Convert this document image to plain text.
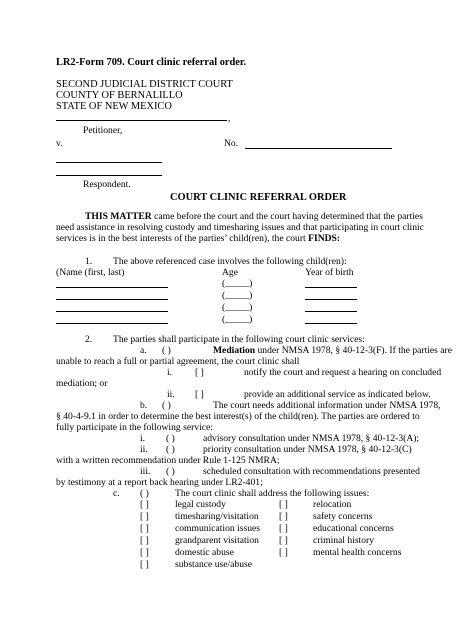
LR2-Form 709. Court clinic referral order.
SECOND JUDICIAL DISTRICT COURT
COUNTY OF BERNALILLO
STATE OF NEW MEXICO
,
Petitioner,
v.	No.
Respondent.
COURT CLINIC REFERRAL ORDER
THIS MATTER came before the court and the court having determined that the parties
need assistance in resolving custody and timesharing issues and that participating in court clinic
services is in the best interests of the parties’ child(ren), the court FINDS:
1. The above referenced case involves the following child(ren):
(Name (first, last)	Age	Year of birth
(_____)
(_____)
(_____)
(_____)
2. The parties shall participate in the following court clinic services:
a. ( )	Mediation under NMSA 1978, § 40-12-3(F). If the parties are
unable to reach a full or partial agreement, the court clinic shall
i. [ ]	notify the court and request a hearing on concluded
mediation; or
ii. [ ]	provide an additional service as indicated below.
b. ( )	The court needs additional information under NMSA 1978,
§ 40-4-9.1 in order to determine the best interest(s) of the child(ren). The parties are ordered to
fully participate in the following service:
i. ( )	advisory consultation under NMSA 1978, § 40-12-3(A);
ii. ( )	priority consultation under NMSA 1978, § 40-12-3(C)
with a written recommendation under Rule 1-125 NMRA;
iii. ( )	scheduled consultation with recommendations presented
by testimony at a report back hearing under LR2-401;
c. ( )	The court clinic shall address the following issues:
[ ]	legal custody	[ ]	relocation
[ ]	timesharing/visitation [ ]	safety concerns
[ ]	communication issues [ ]	educational concerns
[ ]	grandparent visitation [ ]	criminal history
[ ]	domestic abuse	[ ]	mental health concerns
[ ]	substance use/abuse
